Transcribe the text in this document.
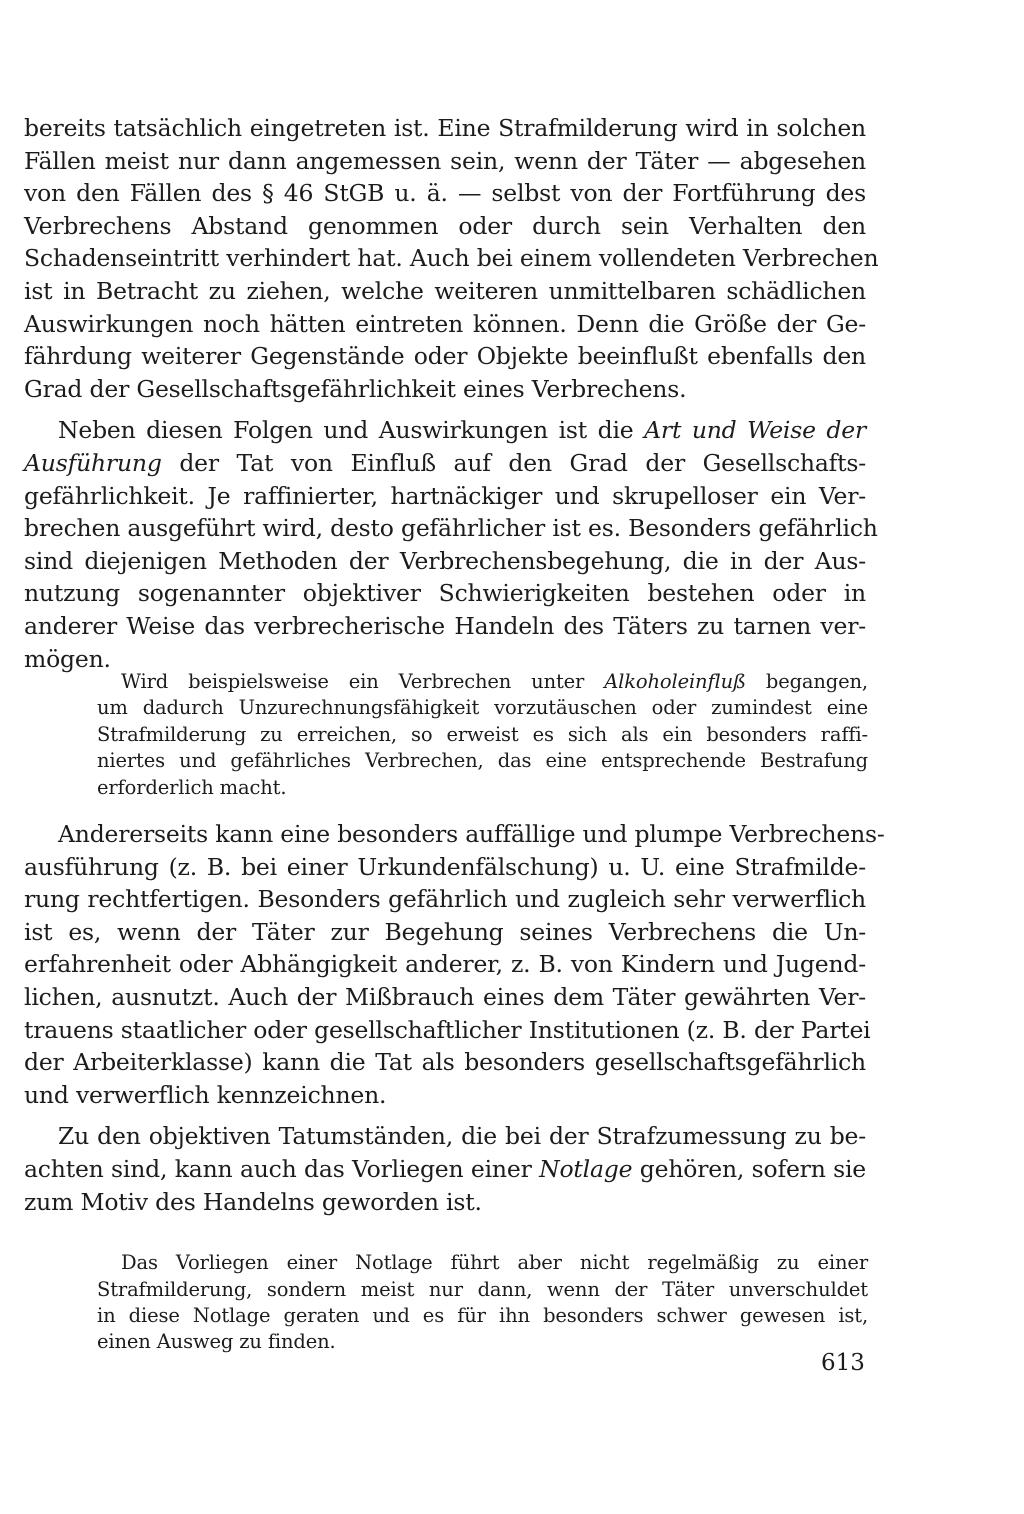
bereits tatsächlich eingetreten ist. Eine Strafmilderung wird in solchen
Fällen meist nur dann angemessen sein, wenn der Täter — abgesehen
von den Fällen des § 46 StGB u. ä. — selbst von der Fortführung des
Verbrechens Abstand genommen oder durch sein Verhalten den
Schadenseintritt verhindert hat. Auch bei einem vollendeten Verbrechen
ist in Betracht zu ziehen, welche weiteren unmittelbaren schädlichen
Auswirkungen noch hätten eintreten können. Denn die Größe der Ge-
fährdung weiterer Gegenstände oder Objekte beeinflußt ebenfalls den
Grad der Gesellschaftsgefährlichkeit eines Verbrechens.
Neben diesen Folgen und Auswirkungen ist die Art und Weise der
Ausführung der Tat von Einfluß auf den Grad der Gesellschafts-
gefährlichkeit. Je raffinierter, hartnäckiger und skrupelloser ein Ver-
brechen ausgeführt wird, desto gefährlicher ist es. Besonders gefährlich
sind diejenigen Methoden der Verbrechensbegehung, die in der Aus-
nutzung sogenannter objektiver Schwierigkeiten bestehen oder in
anderer Weise das verbrecherische Handeln des Täters zu tarnen ver-
mögen.
Wird beispielsweise ein Verbrechen unter Alkoholeinfluß begangen,
um dadurch Unzurechnungsfähigkeit vorzutäuschen oder zumindest eine
Strafmilderung zu erreichen, so erweist es sich als ein besonders raffi-
niertes und gefährliches Verbrechen, das eine entsprechende Bestrafung
erforderlich macht.
Andererseits kann eine besonders auffällige und plumpe Verbrechens-
ausführung (z. B. bei einer Urkundenfälschung) u. U. eine Strafmilde-
rung rechtfertigen. Besonders gefährlich und zugleich sehr verwerflich
ist es, wenn der Täter zur Begehung seines Verbrechens die Un-
erfahrenheit oder Abhängigkeit anderer, z. B. von Kindern und Jugend-
lichen, ausnutzt. Auch der Mißbrauch eines dem Täter gewährten Ver-
trauens staatlicher oder gesellschaftlicher Institutionen (z. B. der Partei
der Arbeiterklasse) kann die Tat als besonders gesellschaftsgefährlich
und verwerflich kennzeichnen.
Zu den objektiven Tatumständen, die bei der Strafzumessung zu be-
achten sind, kann auch das Vorliegen einer Notlage gehören, sofern sie
zum Motiv des Handelns geworden ist.
Das Vorliegen einer Notlage führt aber nicht regelmäßig zu einer
Strafmilderung, sondern meist nur dann, wenn der Täter unverschuldet
in diese Notlage geraten und es für ihn besonders schwer gewesen ist,
einen Ausweg zu finden.
613
